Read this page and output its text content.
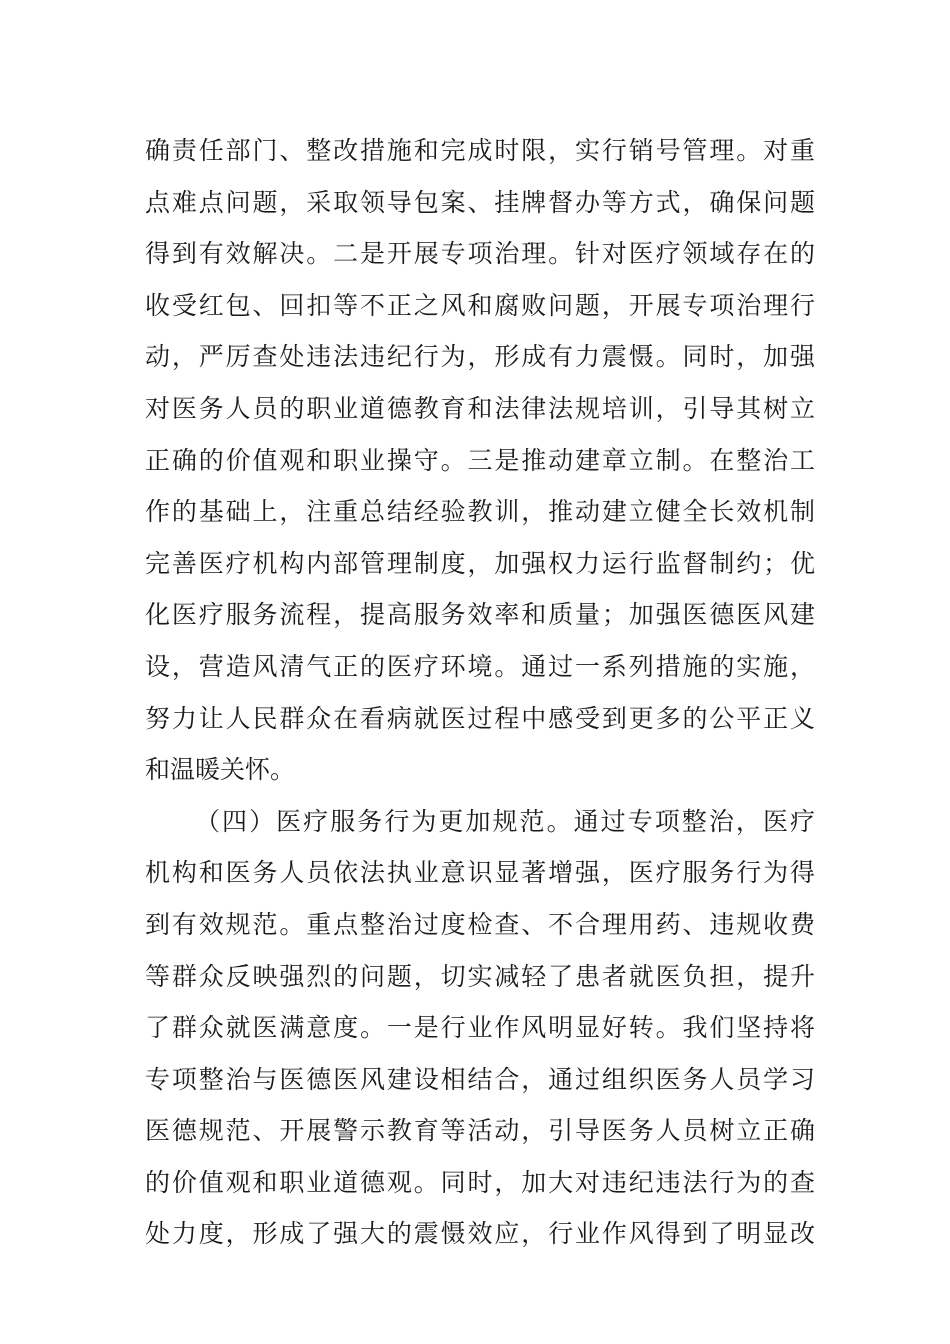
确责任部门、整改措施和完成时限，实行销号管理。对重
点难点问题，采取领导包案、挂牌督办等方式，确保问题
得到有效解决。二是开展专项治理。针对医疗领域存在的
收受红包、回扣等不正之风和腐败问题，开展专项治理行
动，严厉查处违法违纪行为，形成有力震慑。同时，加强
对医务人员的职业道德教育和法律法规培训，引导其树立
正确的价值观和职业操守。三是推动建章立制。在整治工
作的基础上，注重总结经验教训，推动建立健全长效机制
完善医疗机构内部管理制度，加强权力运行监督制约；优
化医疗服务流程，提高服务效率和质量；加强医德医风建
设，营造风清气正的医疗环境。通过一系列措施的实施，
努力让人民群众在看病就医过程中感受到更多的公平正义
和温暖关怀。
（四）医疗服务行为更加规范。通过专项整治，医疗
机构和医务人员依法执业意识显著增强，医疗服务行为得
到有效规范。重点整治过度检查、不合理用药、违规收费
等群众反映强烈的问题，切实减轻了患者就医负担，提升
了群众就医满意度。一是行业作风明显好转。我们坚持将
专项整治与医德医风建设相结合，通过组织医务人员学习
医德规范、开展警示教育等活动，引导医务人员树立正确
的价值观和职业道德观。同时，加大对违纪违法行为的查
处力度，形成了强大的震慑效应，行业作风得到了明显改
